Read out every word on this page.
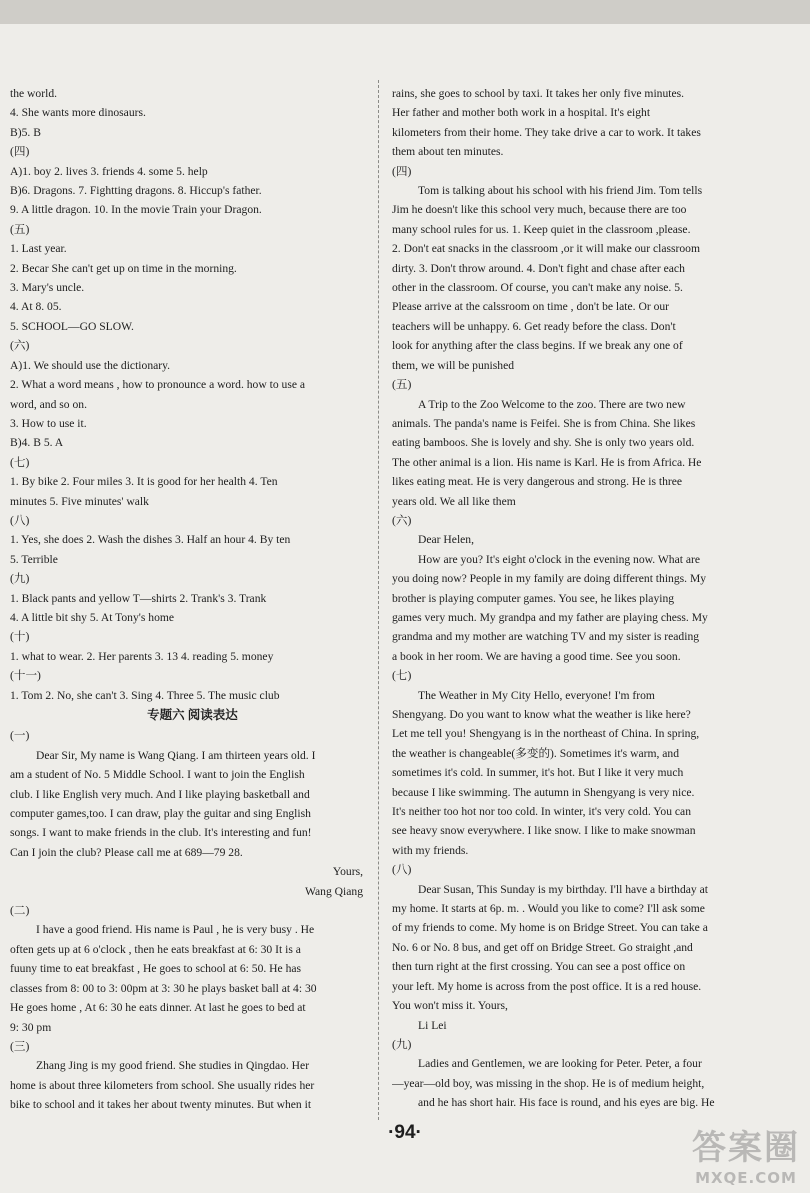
the world.
4. She wants more dinosaurs.
B)5. B
(四)
A)1. boy 2. lives 3. friends 4. some 5. help
B)6. Dragons. 7. Fightting dragons. 8. Hiccup's father.
9. A little dragon. 10. In the movie Train your Dragon.
(五)
1. Last year.
2. Becar She can't get up on time in the morning.
3. Mary's uncle.
4. At 8. 05.
5. SCHOOL—GO SLOW.
(六)
A)1. We should use the dictionary.
2. What a word means , how to pronounce a word. how to use a
word, and so on.
3. How to use it.
B)4. B 5. A
(七)
1. By bike 2. Four miles 3. It is good for her health 4. Ten
minutes 5. Five minutes' walk
(八)
1. Yes, she does 2. Wash the dishes 3. Half an hour 4. By ten
5. Terrible
(九)
1. Black pants and yellow T—shirts 2. Trank's 3. Trank
4. A little bit shy 5. At Tony's home
(十)
1. what to wear. 2. Her parents 3. 13 4. reading 5. money
(十一)
1. Tom 2. No, she can't 3. Sing 4. Three 5. The music club
专题六 阅读表达
(一)
Dear Sir, My name is Wang Qiang. I am thirteen years old. I
am a student of No. 5 Middle School. I want to join the English
club. I like English very much. And I like playing basketball and
computer games,too. I can draw, play the guitar and sing English
songs. I want to make friends in the club. It's interesting and fun!
Can I join the club? Please call me at 689—79 28.
Yours,
Wang Qiang
(二)
I have a good friend. His name is Paul , he is very busy . He
often gets up at 6 o'clock , then he eats breakfast at 6: 30 It is a
fuuny time to eat breakfast , He goes to school at 6: 50. He has
classes from 8: 00 to 3: 00pm at 3: 30 he plays basket ball at 4: 30
He goes home , At 6: 30 he eats dinner. At last he goes to bed at
9: 30 pm
(三)
Zhang Jing is my good friend. She studies in Qingdao. Her
home is about three kilometers from school. She usually rides her
bike to school and it takes her about twenty minutes. But when it
rains, she goes to school by taxi. It takes her only five minutes.
Her father and mother both work in a hospital. It's eight
kilometers from their home. They take drive a car to work. It takes
them about ten minutes.
(四)
Tom is talking about his school with his friend Jim. Tom tells
Jim he doesn't like this school very much, because there are too
many school rules for us. 1. Keep quiet in the classroom ,please.
2. Don't eat snacks in the classroom ,or it will make our classroom
dirty. 3. Don't throw around. 4. Don't fight and chase after each
other in the classroom. Of course, you can't make any noise. 5.
Please arrive at the calssroom on time , don't be late. Or our
teachers will be unhappy. 6. Get ready before the class. Don't
look for anything after the class begins. If we break any one of
them, we will be punished
(五)
A Trip to the Zoo Welcome to the zoo. There are two new
animals. The panda's name is Feifei. She is from China. She likes
eating bamboos. She is lovely and shy. She is only two years old.
The other animal is a lion. His name is Karl. He is from Africa. He
likes eating meat. He is very dangerous and strong. He is three
years old. We all like them
(六)
Dear Helen,
How are you? It's eight o'clock in the evening now. What are
you doing now? People in my family are doing different things. My
brother is playing computer games. You see, he likes playing
games very much. My grandpa and my father are playing chess. My
grandma and my mother are watching TV and my sister is reading
a book in her room. We are having a good time. See you soon.
(七)
The Weather in My City Hello, everyone! I'm from
Shengyang. Do you want to know what the weather is like here?
Let me tell you! Shengyang is in the northeast of China. In spring,
the weather is changeable(多变的). Sometimes it's warm, and
sometimes it's cold. In summer, it's hot. But I like it very much
because I like swimming. The autumn in Shengyang is very nice.
It's neither too hot nor too cold. In winter, it's very cold. You can
see heavy snow everywhere. I like snow. I like to make snowman
with my friends.
(八)
Dear Susan, This Sunday is my birthday. I'll have a birthday at
my home. It starts at 6p. m. . Would you like to come? I'll ask some
of my friends to come. My home is on Bridge Street. You can take a
No. 6 or No. 8 bus, and get off on Bridge Street. Go straight ,and
then turn right at the first crossing. You can see a post office on
your left. My home is across from the post office. It is a red house.
You won't miss it. Yours,
Li Lei
(九)
Ladies and Gentlemen, we are looking for Peter. Peter, a four
—year—old boy, was missing in the shop. He is of medium height,
and he has short hair. His face is round, and his eyes are big. He
·94·	答案圈
MXQE.COM
